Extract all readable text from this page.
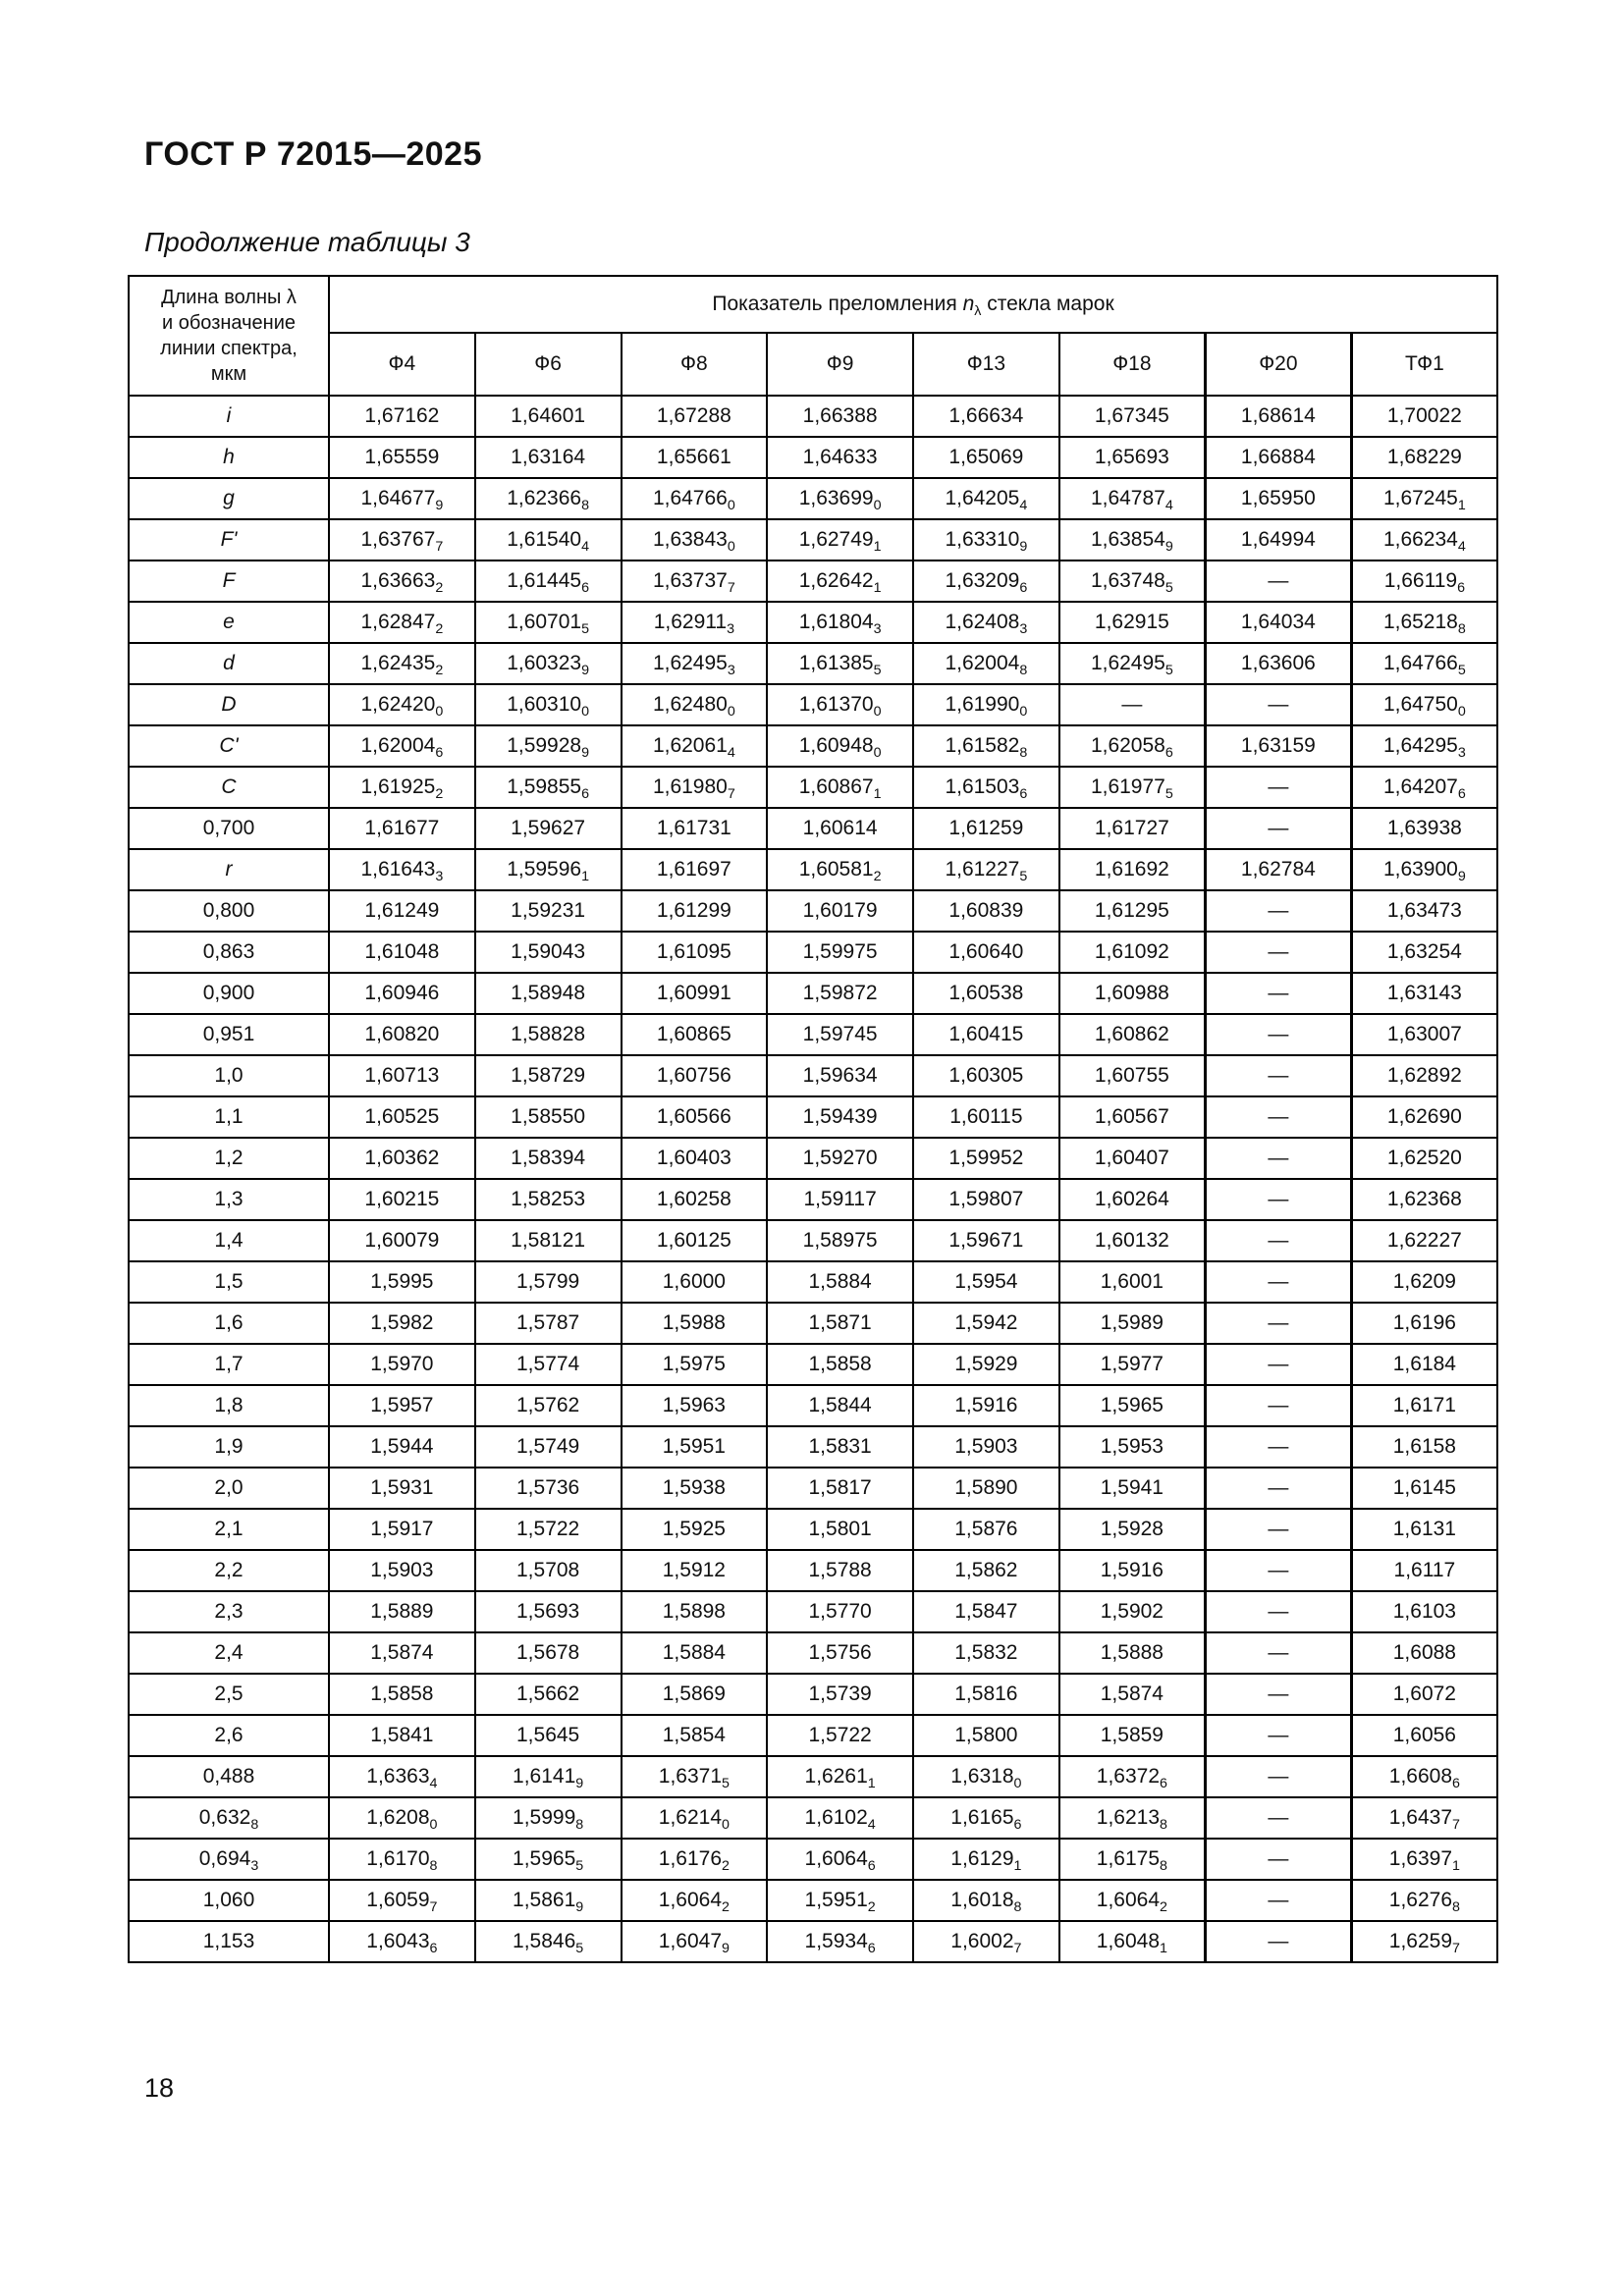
ГОСТ Р 72015—2025
Продолжение таблицы 3
Длина волны λ
и обозначение
линии спектра,
мкм	Показатель преломления $n_\lambda$ стекла марок							
	Ф4	Ф6	Ф8	Ф9	Ф13	Ф18	Ф20	ТФ1
i	1,67162	1,64601	1,67288	1,66388	1,66634	1,67345	1,68614	1,70022
h	1,65559	1,63164	1,65661	1,64633	1,65069	1,65693	1,66884	1,68229
g	$1,64677_9$	$1,62366_8$	$1,64766_0$	$1,63699_0$	$1,64205_4$	$1,64787_4$	1,65950	$1,67245_1$
F'	$1,63767_7$	$1,61540_4$	$1,63843_0$	$1,62749_1$	$1,63310_9$	$1,63854_9$	1,64994	$1,66234_4$
F	$1,63663_2$	$1,61445_6$	$1,63737_7$	$1,62642_1$	$1,63209_6$	$1,63748_5$	—	$1,66119_6$
e	$1,62847_2$	$1,60701_5$	$1,62911_3$	$1,61804_3$	$1,62408_3$	1,62915	1,64034	$1,65218_8$
d	$1,62435_2$	$1,60323_9$	$1,62495_3$	$1,61385_5$	$1,62004_8$	$1,62495_5$	1,63606	$1,64766_5$
D	$1,62420_0$	$1,60310_0$	$1,62480_0$	$1,61370_0$	$1,61990_0$	—	—	$1,64750_0$
C'	$1,62004_6$	$1,59928_9$	$1,62061_4$	$1,60948_0$	$1,61582_8$	$1,62058_6$	1,63159	$1,64295_3$
C	$1,61925_2$	$1,59855_6$	$1,61980_7$	$1,60867_1$	$1,61503_6$	$1,61977_5$	—	$1,64207_6$
0,700	1,61677	1,59627	1,61731	1,60614	1,61259	1,61727	—	1,63938
r	$1,61643_3$	$1,59596_1$	1,61697	$1,60581_2$	$1,61227_5$	1,61692	1,62784	$1,63900_9$
0,800	1,61249	1,59231	1,61299	1,60179	1,60839	1,61295	—	1,63473
0,863	1,61048	1,59043	1,61095	1,59975	1,60640	1,61092	—	1,63254
0,900	1,60946	1,58948	1,60991	1,59872	1,60538	1,60988	—	1,63143
0,951	1,60820	1,58828	1,60865	1,59745	1,60415	1,60862	—	1,63007
1,0	1,60713	1,58729	1,60756	1,59634	1,60305	1,60755	—	1,62892
1,1	1,60525	1,58550	1,60566	1,59439	1,60115	1,60567	—	1,62690
1,2	1,60362	1,58394	1,60403	1,59270	1,59952	1,60407	—	1,62520
1,3	1,60215	1,58253	1,60258	1,59117	1,59807	1,60264	—	1,62368
1,4	1,60079	1,58121	1,60125	1,58975	1,59671	1,60132	—	1,62227
1,5	1,5995	1,5799	1,6000	1,5884	1,5954	1,6001	—	1,6209
1,6	1,5982	1,5787	1,5988	1,5871	1,5942	1,5989	—	1,6196
1,7	1,5970	1,5774	1,5975	1,5858	1,5929	1,5977	—	1,6184
1,8	1,5957	1,5762	1,5963	1,5844	1,5916	1,5965	—	1,6171
1,9	1,5944	1,5749	1,5951	1,5831	1,5903	1,5953	—	1,6158
2,0	1,5931	1,5736	1,5938	1,5817	1,5890	1,5941	—	1,6145
2,1	1,5917	1,5722	1,5925	1,5801	1,5876	1,5928	—	1,6131
2,2	1,5903	1,5708	1,5912	1,5788	1,5862	1,5916	—	1,6117
2,3	1,5889	1,5693	1,5898	1,5770	1,5847	1,5902	—	1,6103
2,4	1,5874	1,5678	1,5884	1,5756	1,5832	1,5888	—	1,6088
2,5	1,5858	1,5662	1,5869	1,5739	1,5816	1,5874	—	1,6072
2,6	1,5841	1,5645	1,5854	1,5722	1,5800	1,5859	—	1,6056
0,488	$1,6363_4$	$1,6141_9$	$1,6371_5$	$1,6261_1$	$1,6318_0$	$1,6372_6$	—	$1,6608_6$
$0,632_8$	$1,6208_0$	$1,5999_8$	$1,6214_0$	$1,6102_4$	$1,6165_6$	$1,6213_8$	—	$1,6437_7$
$0,694_3$	$1,6170_8$	$1,5965_5$	$1,6176_2$	$1,6064_6$	$1,6129_1$	$1,6175_8$	—	$1,6397_1$
1,060	$1,6059_7$	$1,5861_9$	$1,6064_2$	$1,5951_2$	$1,6018_8$	$1,6064_2$	—	$1,6276_8$
1,153	$1,6043_6$	$1,5846_5$	$1,6047_9$	$1,5934_6$	$1,6002_7$	$1,6048_1$	—	$1,6259_7$
18
